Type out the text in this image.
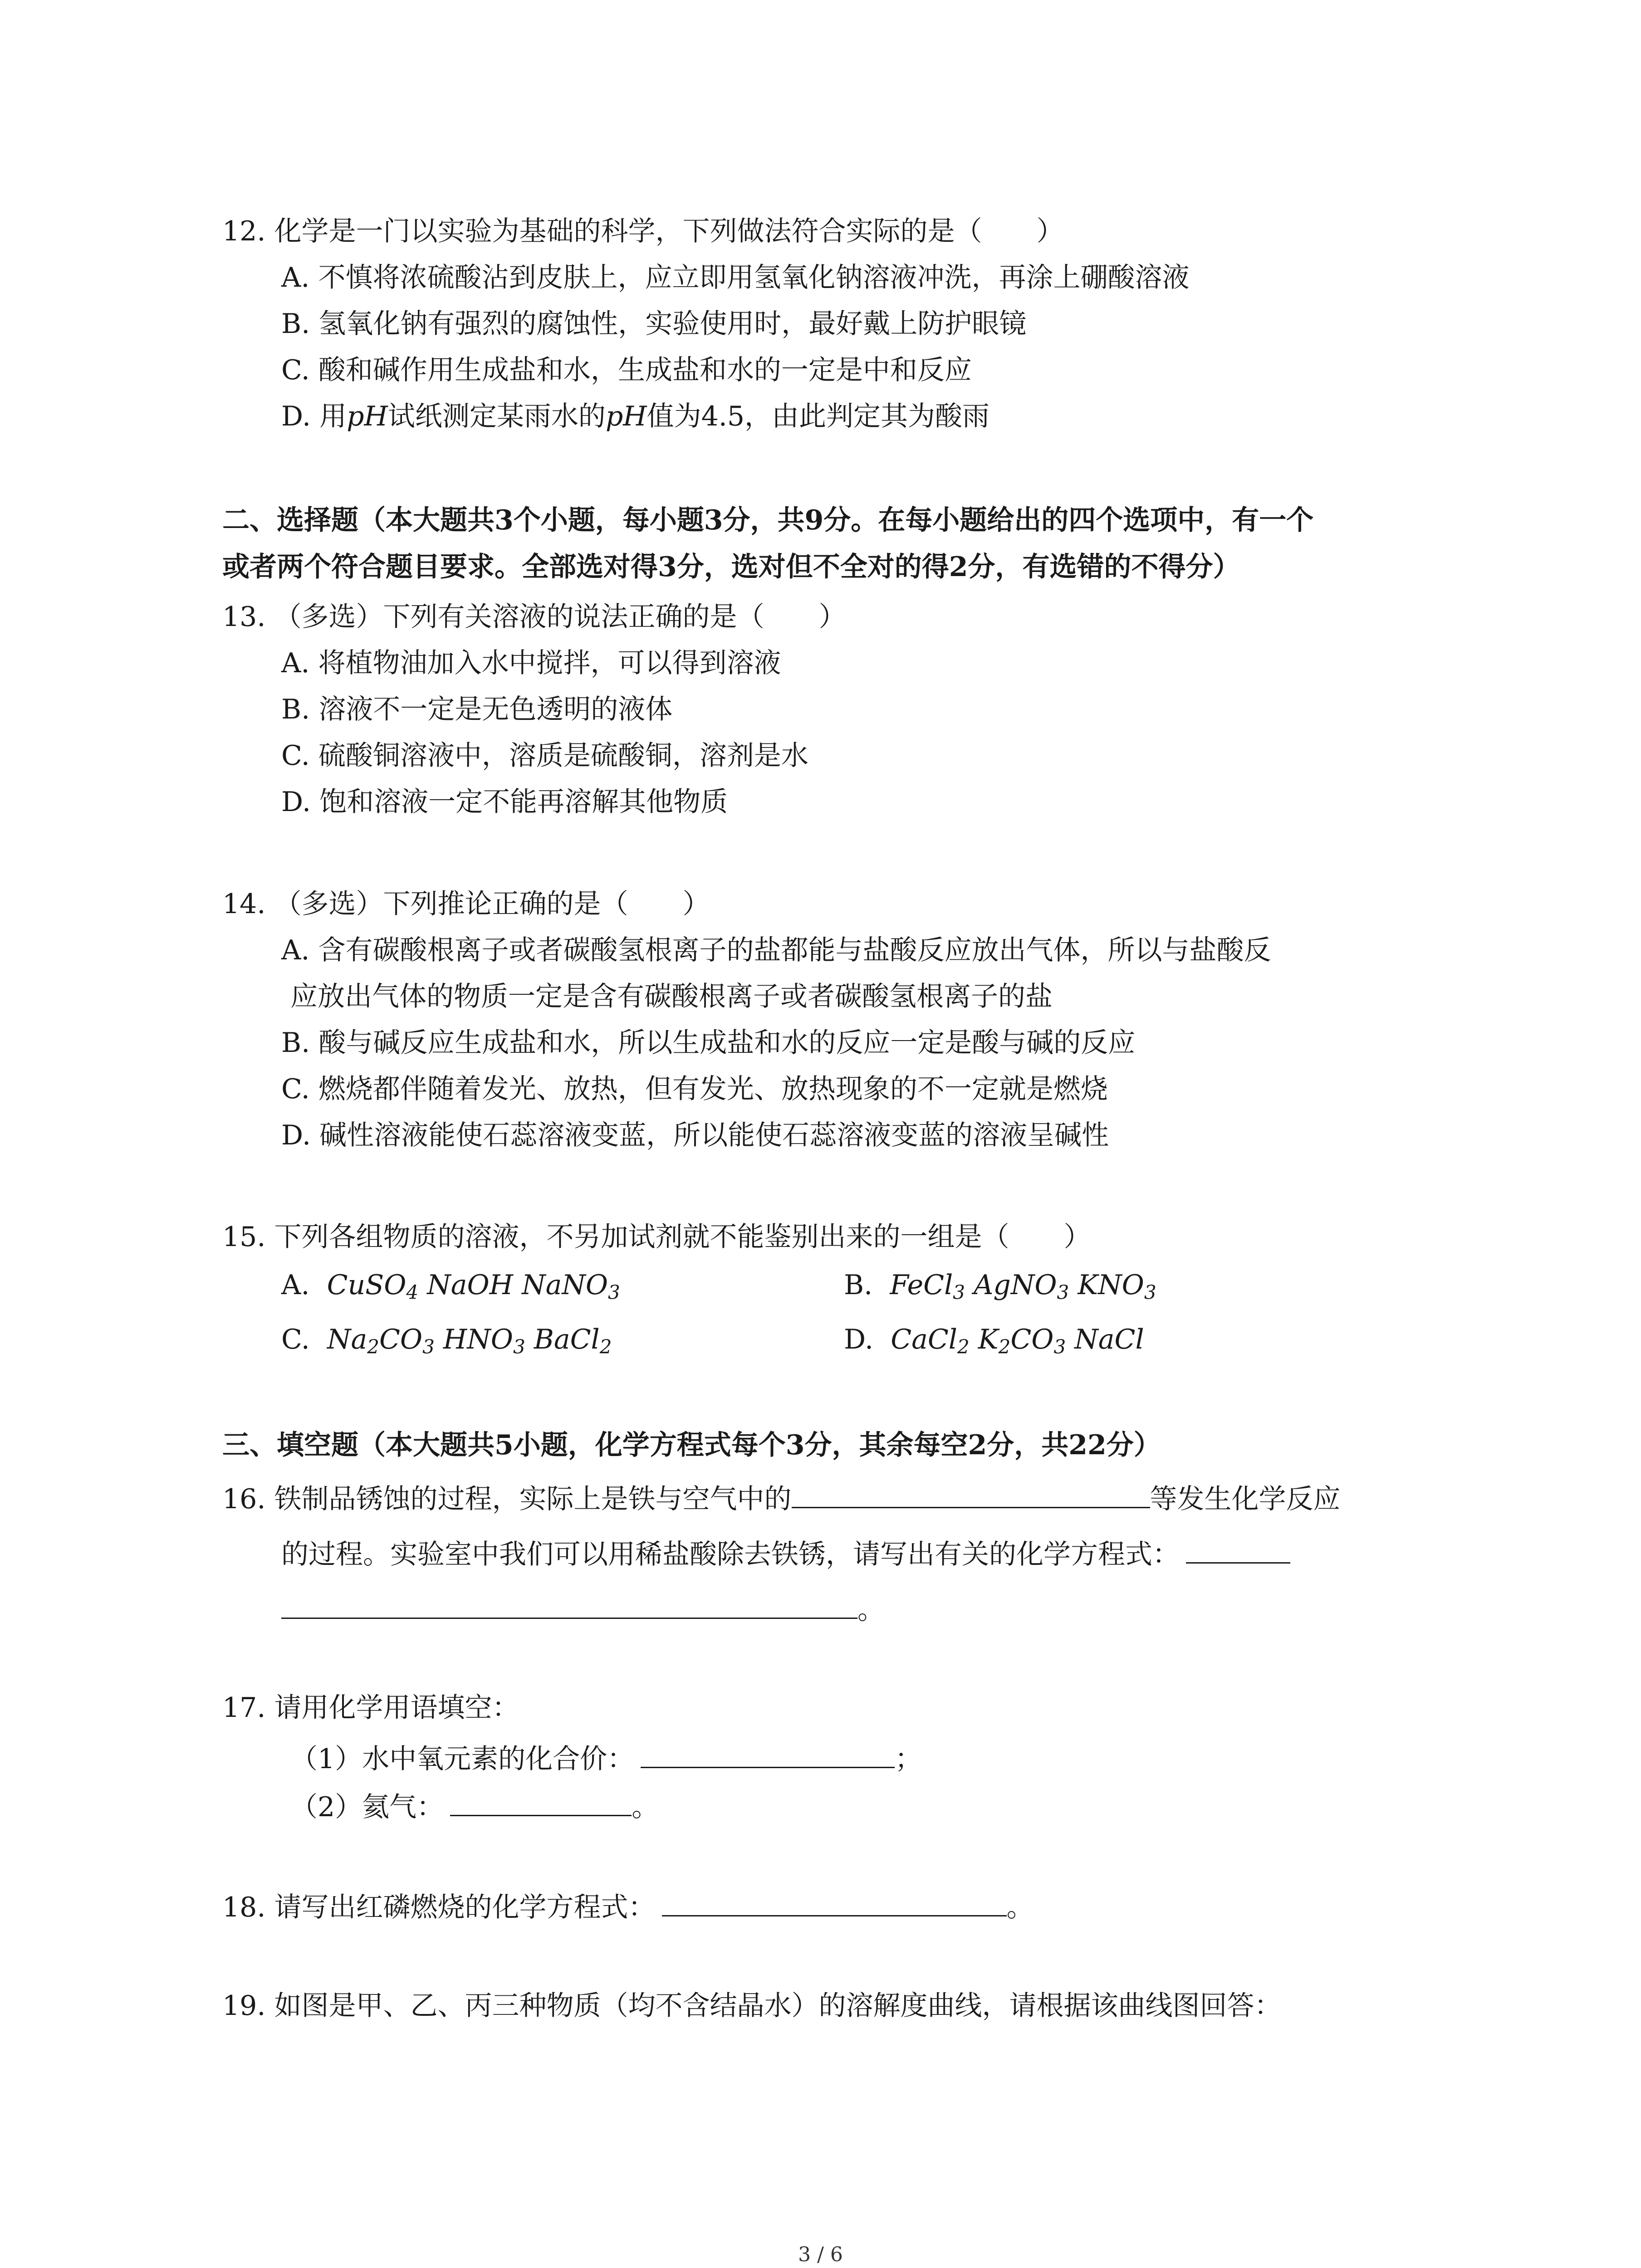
12. 化学是一门以实验为基础的科学，下列做法符合实际的是（　　）
A. 不慎将浓硫酸沾到皮肤上，应立即用氢氧化钠溶液冲洗，再涂上硼酸溶液
B. 氢氧化钠有强烈的腐蚀性，实验使用时，最好戴上防护眼镜
C. 酸和碱作用生成盐和水，生成盐和水的一定是中和反应
D. 用pH试纸测定某雨水的pH值为4.5，由此判定其为酸雨
二、选择题（本大题共3个小题，每小题3分，共9分。在每小题给出的四个选项中，有一个
或者两个符合题目要求。全部选对得3分，选对但不全对的得2分，有选错的不得分）
13. （多选）下列有关溶液的说法正确的是（　　）
A. 将植物油加入水中搅拌，可以得到溶液
B. 溶液不一定是无色透明的液体
C. 硫酸铜溶液中，溶质是硫酸铜，溶剂是水
D. 饱和溶液一定不能再溶解其他物质
14. （多选）下列推论正确的是（　　）
A. 含有碳酸根离子或者碳酸氢根离子的盐都能与盐酸反应放出气体，所以与盐酸反
应放出气体的物质一定是含有碳酸根离子或者碳酸氢根离子的盐
B. 酸与碱反应生成盐和水，所以生成盐和水的反应一定是酸与碱的反应
C. 燃烧都伴随着发光、放热，但有发光、放热现象的不一定就是燃烧
D. 碱性溶液能使石蕊溶液变蓝，所以能使石蕊溶液变蓝的溶液呈碱性
15. 下列各组物质的溶液，不另加试剂就不能鉴别出来的一组是（　　）
A. CuSO$_4$ NaOH NaNO$_3$	B. FeCl$_3$ AgNO$_3$ $KNO_3$
C. $Na_2CO_3$ $HNO_3$ BaCl$_2$	D. CaCl$_2$ $K_2CO_3$ NaCl
三、填空题（本大题共5小题，化学方程式每个3分，其余每空2分，共22分）
16. 铁制品锈蚀的过程，实际上是铁与空气中的	等发生化学反应
的过程。实验室中我们可以用稀盐酸除去铁锈，请写出有关的化学方程式：
。
17. 请用化学用语填空：
（1）水中氧元素的化合价：	；
（2）氦气：	。
18. 请写出红磷燃烧的化学方程式：	。
19. 如图是甲、乙、丙三种物质（均不含结晶水）的溶解度曲线，请根据该曲线图回答：
3 / 6
